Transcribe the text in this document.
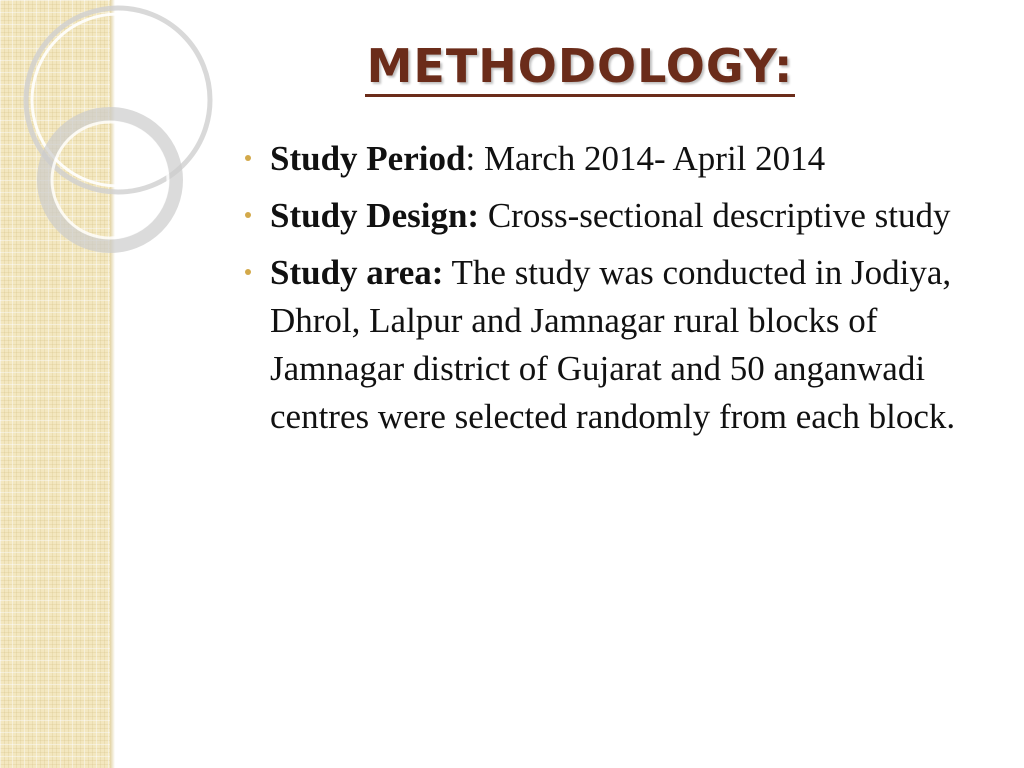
METHODOLOGY:
Study Period: March 2014- April 2014
Study Design: Cross-sectional descriptive study
Study area: The study was conducted in Jodiya, Dhrol, Lalpur and Jamnagar rural blocks of Jamnagar district of Gujarat and 50 anganwadi centres were selected randomly from each block.
